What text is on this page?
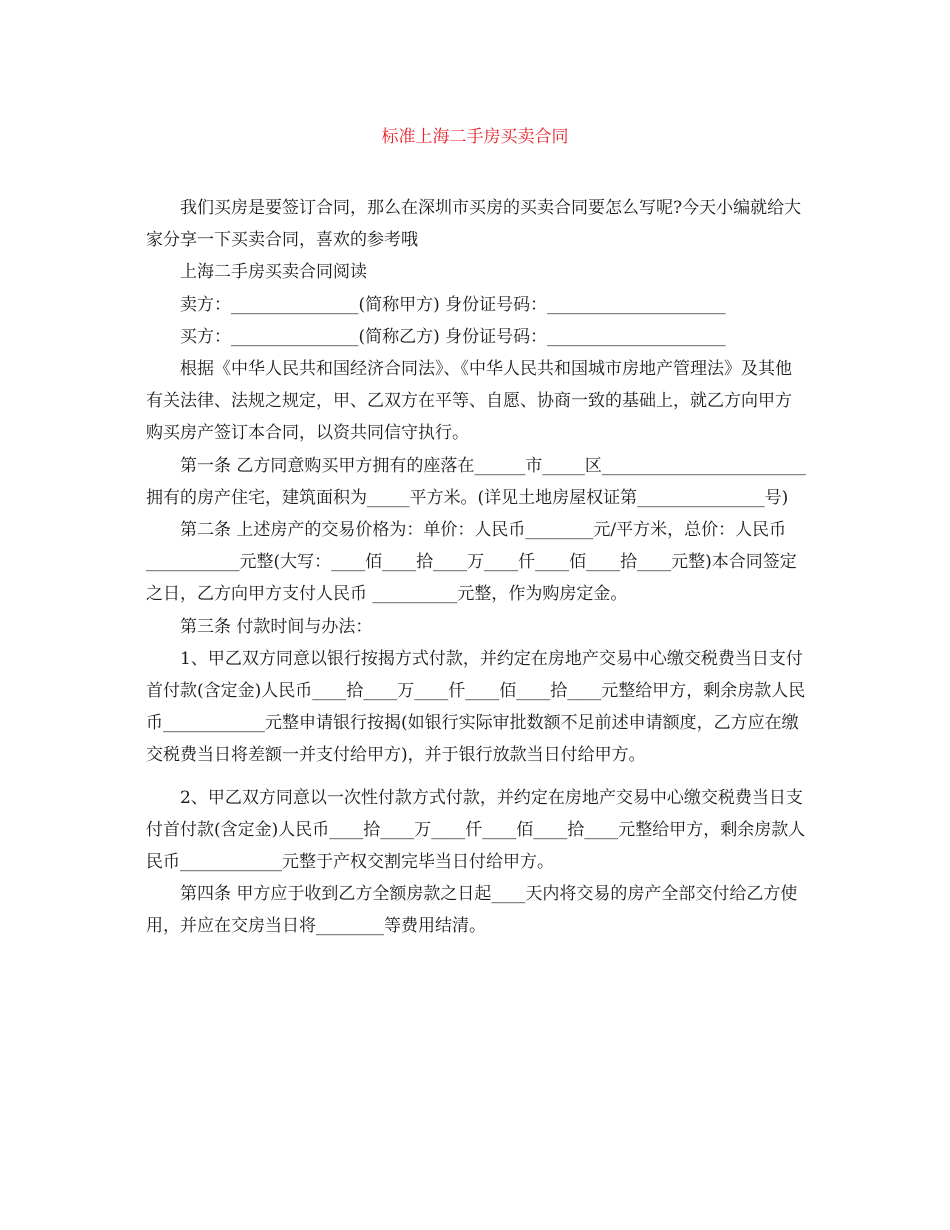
标准上海二手房买卖合同

我们买房是要签订合同，那么在深圳市买房的买卖合同要怎么写呢?今天小编就给大家分享一下买卖合同，喜欢的参考哦

上海二手房买卖合同阅读

卖方：_______________(简称甲方) 身份证号码：_____________________

买方：_______________(简称乙方) 身份证号码：_____________________

根据《中华人民共和国经济合同法》、《中华人民共和国城市房地产管理法》及其他有关法律、法规之规定，甲、乙双方在平等、自愿、协商一致的基础上，就乙方向甲方购买房产签订本合同，以资共同信守执行。

第一条 乙方同意购买甲方拥有的座落在______市_____区________________________拥有的房产住宅，建筑面积为_____平方米。(详见土地房屋权证第_______________号)

第二条 上述房产的交易价格为：单价：人民币________元/平方米，总价：人民币___________元整(大写：____佰____拾____万____仟____佰____拾____元整)本合同签定之日，乙方向甲方支付人民币 __________元整，作为购房定金。

第三条 付款时间与办法：

1、甲乙双方同意以银行按揭方式付款，并约定在房地产交易中心缴交税费当日支付首付款(含定金)人民币____拾____万____仟____佰____拾____元整给甲方，剩余房款人民币____________元整申请银行按揭(如银行实际审批数额不足前述申请额度，乙方应在缴交税费当日将差额一并支付给甲方)，并于银行放款当日付给甲方。

2、甲乙双方同意以一次性付款方式付款，并约定在房地产交易中心缴交税费当日支付首付款(含定金)人民币____拾____万____仟____佰____拾____元整给甲方，剩余房款人民币____________元整于产权交割完毕当日付给甲方。

第四条 甲方应于收到乙方全额房款之日起____天内将交易的房产全部交付给乙方使用，并应在交房当日将________等费用结清。
